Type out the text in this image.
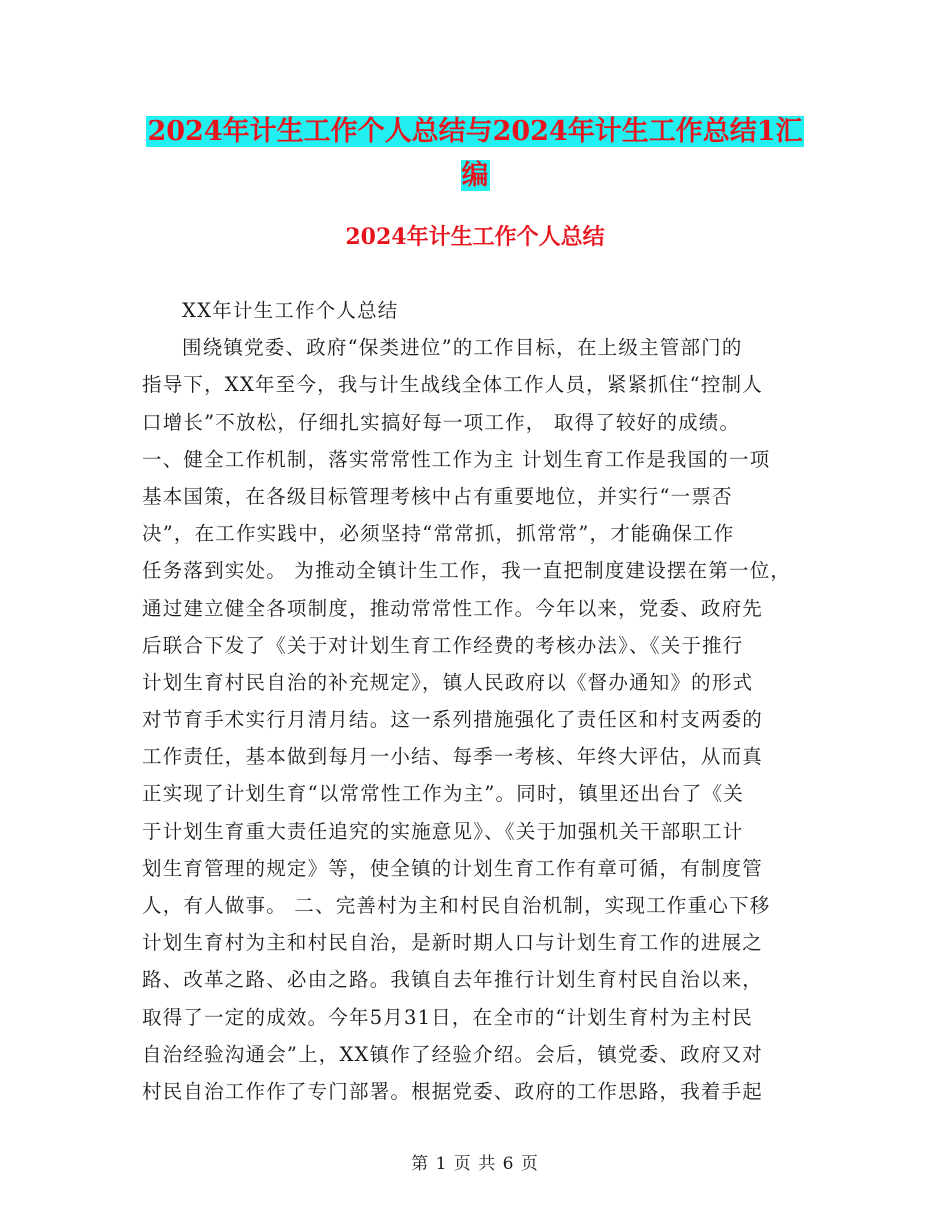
2024年计生工作个人总结与2024年计生工作总结1汇
编
2024年计生工作个人总结
XX年计生工作个人总结
围绕镇党委、政府“保类进位”的工作目标，在上级主管部门的
指导下，XX年至今，我与计生战线全体工作人员，紧紧抓住“控制人
口增长”不放松，仔细扎实搞好每一项工作， 取得了较好的成绩。
一、健全工作机制，落实常常性工作为主 计划生育工作是我国的一项
基本国策，在各级目标管理考核中占有重要地位，并实行“一票否
决”，在工作实践中，必须坚持“常常抓，抓常常”，才能确保工作
任务落到实处。 为推动全镇计生工作，我一直把制度建设摆在第一位，
通过建立健全各项制度，推动常常性工作。今年以来，党委、政府先
后联合下发了《关于对计划生育工作经费的考核办法》、《关于推行
计划生育村民自治的补充规定》，镇人民政府以《督办通知》的形式
对节育手术实行月清月结。这一系列措施强化了责任区和村支两委的
工作责任，基本做到每月一小结、每季一考核、年终大评估，从而真
正实现了计划生育“以常常性工作为主”。同时，镇里还出台了《关
于计划生育重大责任追究的实施意见》、《关于加强机关干部职工计
划生育管理的规定》等，使全镇的计划生育工作有章可循，有制度管
人，有人做事。 二、完善村为主和村民自治机制，实现工作重心下移
计划生育村为主和村民自治，是新时期人口与计划生育工作的进展之
路、改革之路、必由之路。我镇自去年推行计划生育村民自治以来，
取得了一定的成效。今年5月31日，在全市的“计划生育村为主村民
自治经验沟通会”上，XX镇作了经验介绍。会后，镇党委、政府又对
村民自治工作作了专门部署。根据党委、政府的工作思路，我着手起
第 1 页 共 6 页
